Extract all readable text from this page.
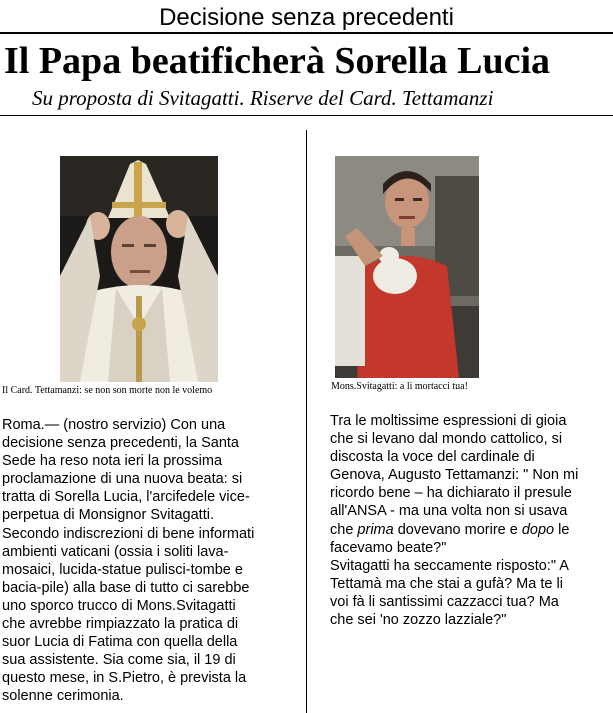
Decisione senza precedenti
Il Papa beatificherà Sorella Lucia
Su proposta di Svitagatti. Riserve del Card. Tettamanzi
Il Card. Tettamanzi: se non son morte non le volemo	Mons.Svitagatti: a li mortacci tua!

Roma.— (nostro servizio) Con una

decisione senza precedenti, la Santa

Sede ha reso nota ieri la prossima

proclamazione di una nuova beata: si

tratta di Sorella Lucia, l'arcifedele vice-

perpetua di Monsignor Svitagatti.

Secondo indiscrezioni di bene informati

ambienti vaticani (ossia i soliti lava-

mosaici, lucida-statue pulisci-tombe e

bacia-pile) alla base di tutto ci sarebbe

uno sporco trucco di Mons.Svitagatti

che avrebbe rimpiazzato la pratica di

suor Lucia di Fatima con quella della

sua assistente. Sia come sia, il 19 di

questo mese, in S.Pietro, è prevista la

solenne cerimonia.

Tra le moltissime espressioni di gioia

che si levano dal mondo cattolico, si

discosta la voce del cardinale di

Genova, Augusto Tettamanzi: " Non mi

ricordo bene – ha dichiarato il presule

all'ANSA - ma una volta non si usava

che prima dovevano morire e dopo le

facevamo beate?"

Svitagatti ha seccamente risposto:" A

Tettamà ma che stai a gufà? Ma te li

voi fà li santissimi cazzacci tua? Ma

che sei 'no zozzo lazziale?"
